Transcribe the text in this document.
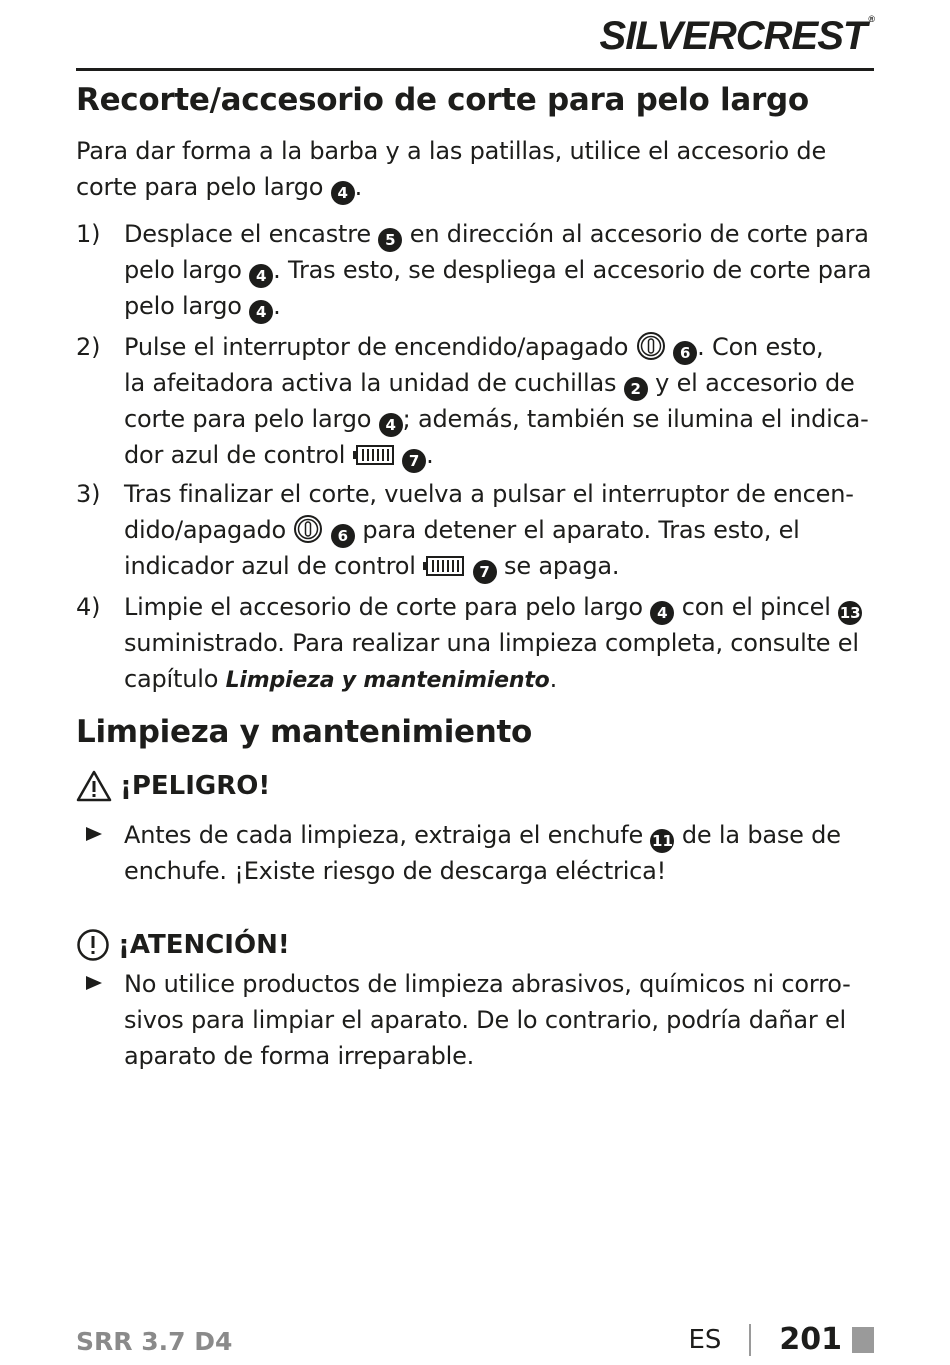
SILVERCREST ®
Recorte/accesorio de corte para pelo largo
Para dar forma a la barba y a las patillas, utilice el accesorio de
corte para pelo largo 4 .
1) Desplace el encastre 5 en dirección al accesorio de corte para
pelo largo 4 . Tras esto, se despliega el accesorio de corte para
pelo largo 4 .
2) Pulse el interruptor de encendido/apagado	6 . Con esto,
la afeitadora activa la unidad de cuchillas 2 y el accesorio de
corte para pelo largo 4 ; además, también se ilumina el indica-
dor azul de control	7 .
3) Tras finalizar el corte, vuelva a pulsar el interruptor de encen-
dido/apagado	6 para detener el aparato. Tras esto, el
indicador azul de control	7 se apaga.
4) Limpie el accesorio de corte para pelo largo 4 con el pincel 13
suministrado. Para realizar una limpieza completa, consulte el
capítulo Limpieza y mantenimiento.
Limpieza y mantenimiento
¡PELIGRO!
Antes de cada limpieza, extraiga el enchufe 11 de la base de
enchufe. ¡Existe riesgo de descarga eléctrica!
¡ATENCIÓN!
No utilice productos de limpieza abrasivos, químicos ni corro-
sivos para limpiar el aparato. De lo contrario, podría dañar el
aparato de forma irreparable.
SRR 3.7 D4	ES 201
